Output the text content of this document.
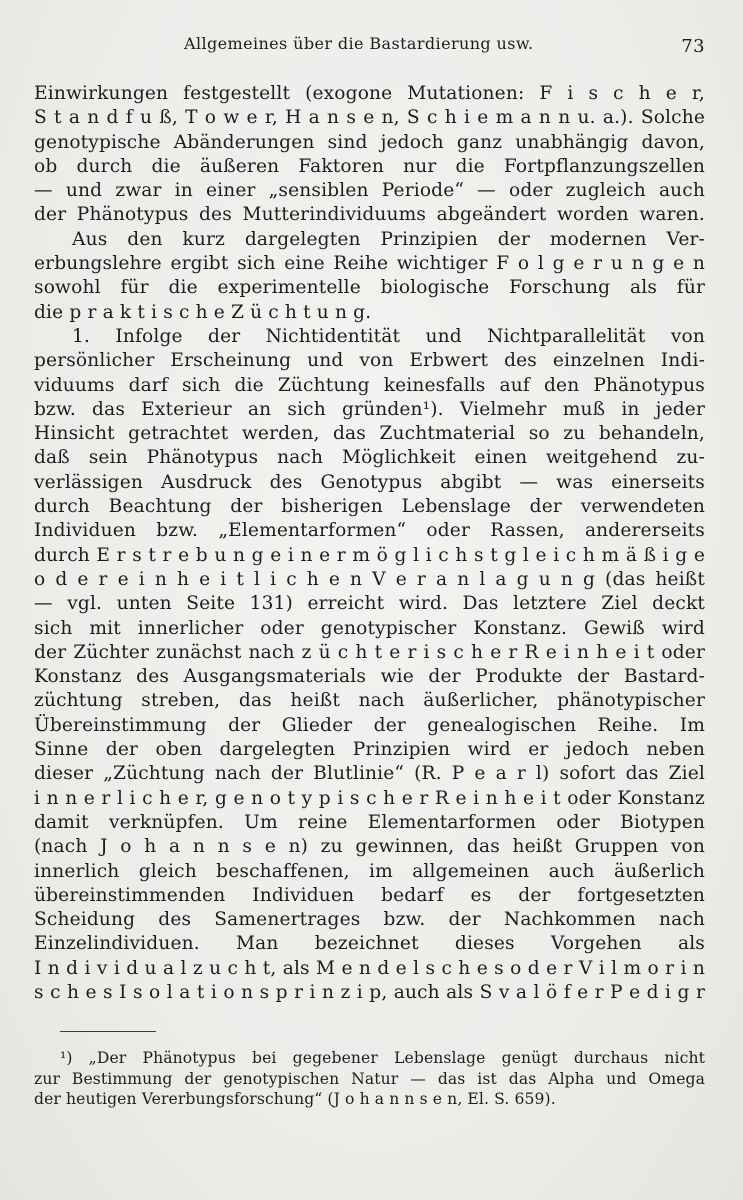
Allgemeines über die Bastardierung usw.	73
Einwirkungen festgestellt (exogone Mutationen: F i s c h e r,
S t a n d f u ß, T o w e r, H a n s e n, S c h i e m a n n u. a.). Solche
genotypische Abänderungen sind jedoch ganz unabhängig davon,
ob durch die äußeren Faktoren nur die Fortpflanzungszellen
— und zwar in einer „sensiblen Periode“ — oder zugleich auch
der Phänotypus des Mutterindividuums abgeändert worden waren.
Aus den kurz dargelegten Prinzipien der modernen Ver-
erbungslehre ergibt sich eine Reihe wichtiger F o l g e r u n g e n
sowohl für die experimentelle biologische Forschung als für
die p r a k t i s c h e Z ü c h t u n g.
1. Infolge der Nichtidentität und Nichtparallelität von
persönlicher Erscheinung und von Erbwert des einzelnen Indi-
viduums darf sich die Züchtung keinesfalls auf den Phänotypus
bzw. das Exterieur an sich gründen¹). Vielmehr muß in jeder
Hinsicht getrachtet werden, das Zuchtmaterial so zu behandeln,
daß sein Phänotypus nach Möglichkeit einen weitgehend zu-
verlässigen Ausdruck des Genotypus abgibt — was einerseits
durch Beachtung der bisherigen Lebenslage der verwendeten
Individuen bzw. „Elementarformen“ oder Rassen, andererseits
durch E r s t r e b u n g e i n e r m ö g l i c h s t g l e i c h m ä ß i g e
o d e r e i n h e i t l i c h e n V e r a n l a g u n g (das heißt
— vgl. unten Seite 131) erreicht wird. Das letztere Ziel deckt
sich mit innerlicher oder genotypischer Konstanz. Gewiß wird
der Züchter zunächst nach z ü c h t e r i s c h e r R e i n h e i t oder
Konstanz des Ausgangsmaterials wie der Produkte der Bastard-
züchtung streben, das heißt nach äußerlicher, phänotypischer
Übereinstimmung der Glieder der genealogischen Reihe. Im
Sinne der oben dargelegten Prinzipien wird er jedoch neben
dieser „Züchtung nach der Blutlinie“ (R. P e a r l) sofort das Ziel
i n n e r l i c h e r, g e n o t y p i s c h e r R e i n h e i t oder Konstanz
damit verknüpfen. Um reine Elementarformen oder Biotypen
(nach J o h a n n s e n) zu gewinnen, das heißt Gruppen von
innerlich gleich beschaffenen, im allgemeinen auch äußerlich
übereinstimmenden Individuen bedarf es der fortgesetzten
Scheidung des Samenertrages bzw. der Nachkommen nach
Einzelindividuen. Man bezeichnet dieses Vorgehen als
I n d i v i d u a l z u c h t, als M e n d e l s c h e s o d e r V i l m o r i n
s c h e s I s o l a t i o n s p r i n z i p, auch als S v a l ö f e r P e d i g r
¹) „Der Phänotypus bei gegebener Lebenslage genügt durchaus nicht
zur Bestimmung der genotypischen Natur — das ist das Alpha und Omega
der heutigen Vererbungsforschung“ (J o h a n n s e n, El. S. 659).
